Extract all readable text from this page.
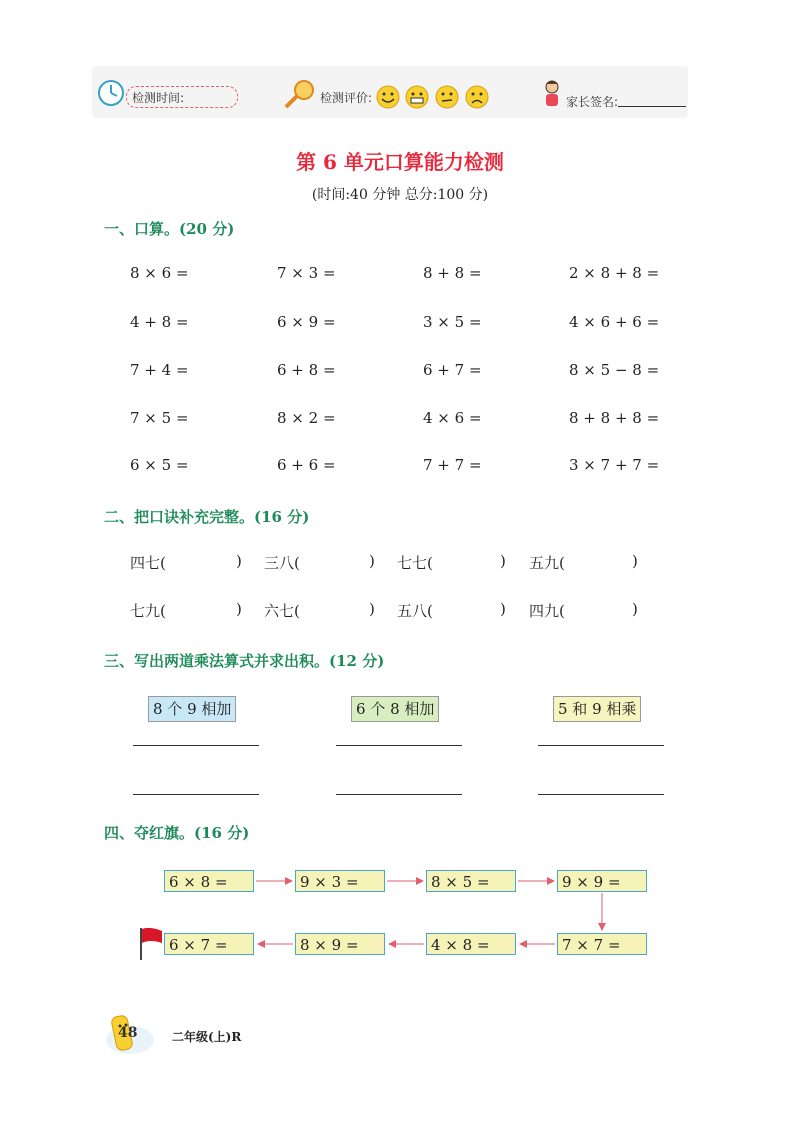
检测时间:	检测评价:	家长签名:
第 6 单元口算能力检测
(时间:40 分钟 总分:100 分)
一、口算。(20 分)
8 × 6 =	7 × 3 =	8 + 8 =	2 × 8 + 8 =
4 + 8 =	6 × 9 =	3 × 5 =	4 × 6 + 6 =
7 + 4 =	6 + 8 =	6 + 7 =	8 × 5 − 8 =
7 × 5 =	8 × 2 =	4 × 6 =	8 + 8 + 8 =
6 × 5 =	6 + 6 =	7 + 7 =	3 × 7 + 7 =
二、把口诀补充完整。(16 分)
四七(	) 三八(	) 七七(	) 五九(	)
七九(	) 六七(	) 五八(	) 四九(	)
三、写出两道乘法算式并求出积。(12 分)
8 个 9 相加	6 个 8 相加	5 和 9 相乘
四、夺红旗。(16 分)
6 × 8 =	9 × 3 =	8 × 5 =	9 × 9 =
6 × 7 =	8 × 9 =	4 × 8 =	7 × 7 =
48	二年级(上)R
